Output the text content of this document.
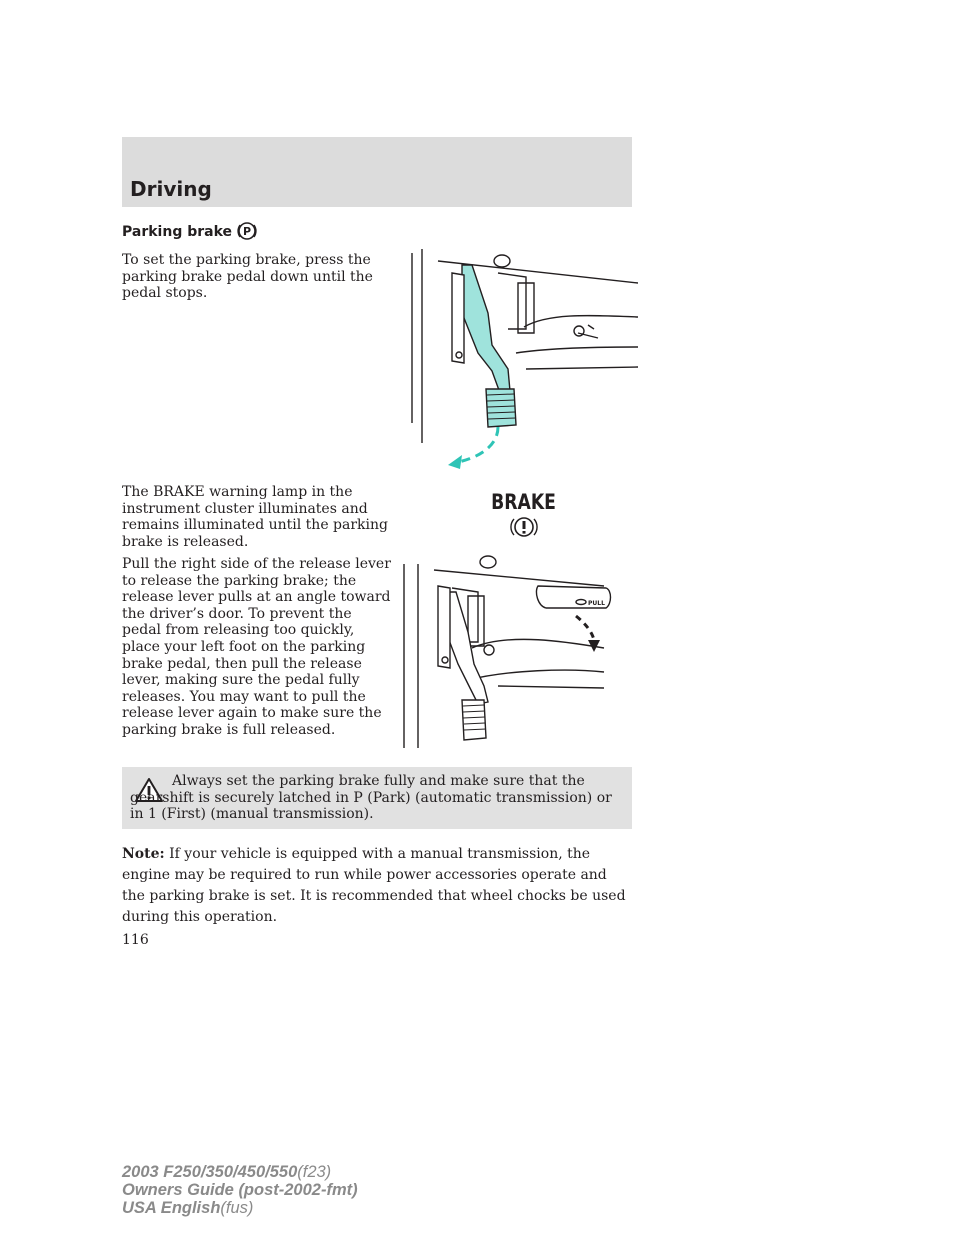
Driving
Parking brake P

To set the parking brake, press the parking brake pedal down until the pedal stops.

The BRAKE warning lamp in the instrument cluster illuminates and remains illuminated until the parking brake is released.

Pull the right side of the release lever to release the parking brake; the release lever pulls at an angle toward the driver’s door. To prevent the pedal from releasing too quickly, place your left foot on the parking brake pedal, then pull the release lever, making sure the pedal fully releases. You may want to pull the release lever again to make sure the parking brake is full released.

BRAKE
PULL

Always set the parking brake fully and make sure that the gearshift is securely latched in P (Park) (automatic transmission) or in 1 (First) (manual transmission).

Note: If your vehicle is equipped with a manual transmission, the engine may be required to run while power accessories operate and the parking brake is set. It is recommended that wheel chocks be used during this operation.

116
2003 F250/350/450/550(f23)
Owners Guide (post-2002-fmt)
USA English(fus)
